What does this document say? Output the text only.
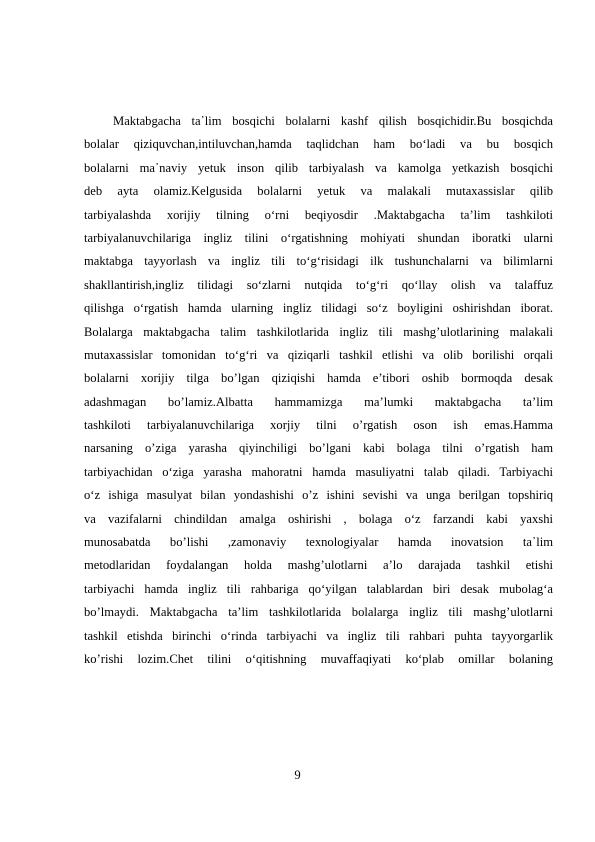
Maktabgacha ta᾽lim bosqichi bolalarni kashf qilish bosqichidir.Bu bosqichda
bolalar qiziquvchan,intiluvchan,hamda taqlidchan ham bo‘ladi va bu bosqich
bolalarni ma᾽naviy yetuk inson qilib tarbiyalash va kamolga yetkazish bosqichi
deb ayta olamiz.Kelgusida bolalarni yetuk va malakali mutaxassislar qilib
tarbiyalashda xorijiy tilning o‘rni beqiyosdir .Maktabgacha ta’lim tashkiloti
tarbiyalanuvchilariga ingliz tilini o‘rgatishning mohiyati shundan iboratki ularni
maktabga tayyorlash va ingliz tili to‘g‘risidagi ilk tushunchalarni va bilimlarni
shakllantirish,ingliz tilidagi so‘zlarni nutqida to‘g‘ri qo‘llay olish va talaffuz
qilishga o‘rgatish hamda ularning ingliz tilidagi so‘z boyligini oshirishdan iborat.
Bolalarga maktabgacha talim tashkilotlarida ingliz tili mashg’ulotlarining malakali
mutaxassislar tomonidan to‘g‘ri va qiziqarli tashkil etlishi va olib borilishi orqali
bolalarni xorijiy tilga bo’lgan qiziqishi hamda e’tibori oshib bormoqda desak
adashmagan bo’lamiz.Albatta hammamizga ma’lumki maktabgacha ta’lim
tashkiloti tarbiyalanuvchilariga xorjiy tilni o’rgatish oson ish emas.Hamma
narsaning o’ziga yarasha qiyinchiligi bo’lgani kabi bolaga tilni o’rgatish ham
tarbiyachidan o‘ziga yarasha mahoratni hamda masuliyatni talab qiladi. Tarbiyachi
o‘z ishiga masulyat bilan yondashishi o’z ishini sevishi va unga berilgan topshiriq
va vazifalarni chindildan amalga oshirishi , bolaga o‘z farzandi kabi yaxshi
munosabatda bo’lishi ,zamonaviy texnologiyalar hamda inovatsion ta᾽lim
metodlaridan foydalangan holda mashg’ulotlarni a’lo darajada tashkil etishi
tarbiyachi hamda ingliz tili rahbariga qo‘yilgan talablardan biri desak mubolag‘a
bo’lmaydi. Maktabgacha ta’lim tashkilotlarida bolalarga ingliz tili mashg’ulotlarni
tashkil etishda birinchi o‘rinda tarbiyachi va ingliz tili rahbari puhta tayyorgarlik
ko’rishi lozim.Chet tilini o‘qitishning muvaffaqiyati ko‘plab omillar bolaning
9
